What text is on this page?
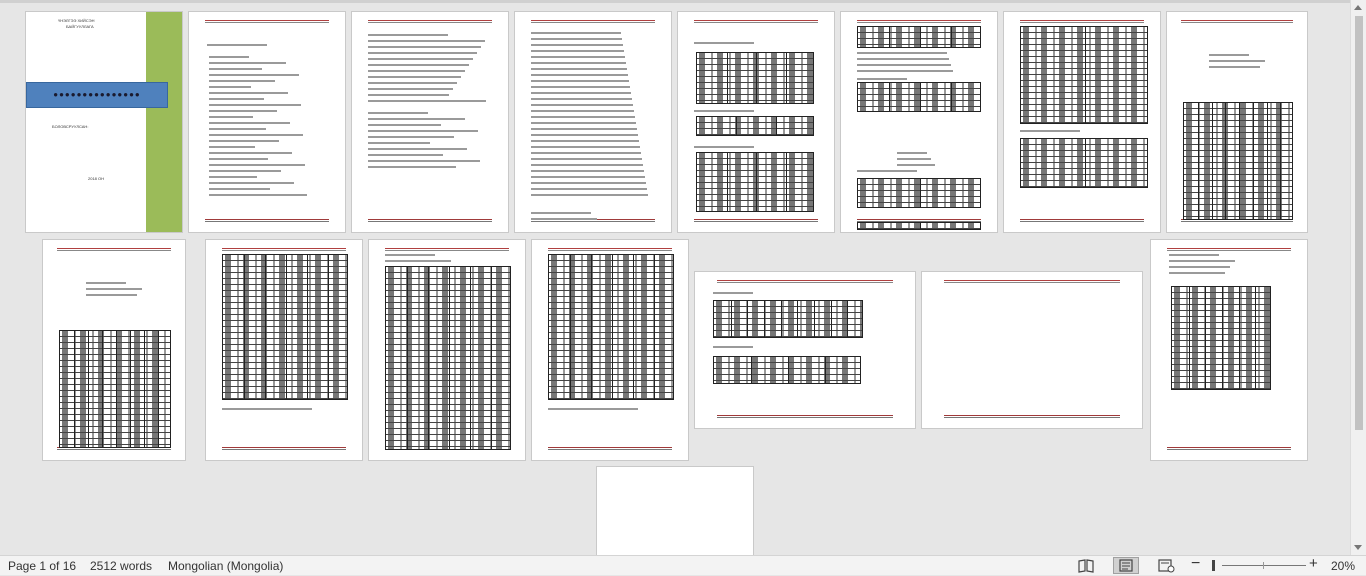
ҮНЭЛГЭЭ ХИЙСЭН
БАЙГУУЛЛАГА
●●●●●●●●●●●●●●●
БОЛОВСРУУЛСАН:
2018 ОН
Page 1 of 16 2512 words Mongolian (Mongolia)	−	+ 20%
